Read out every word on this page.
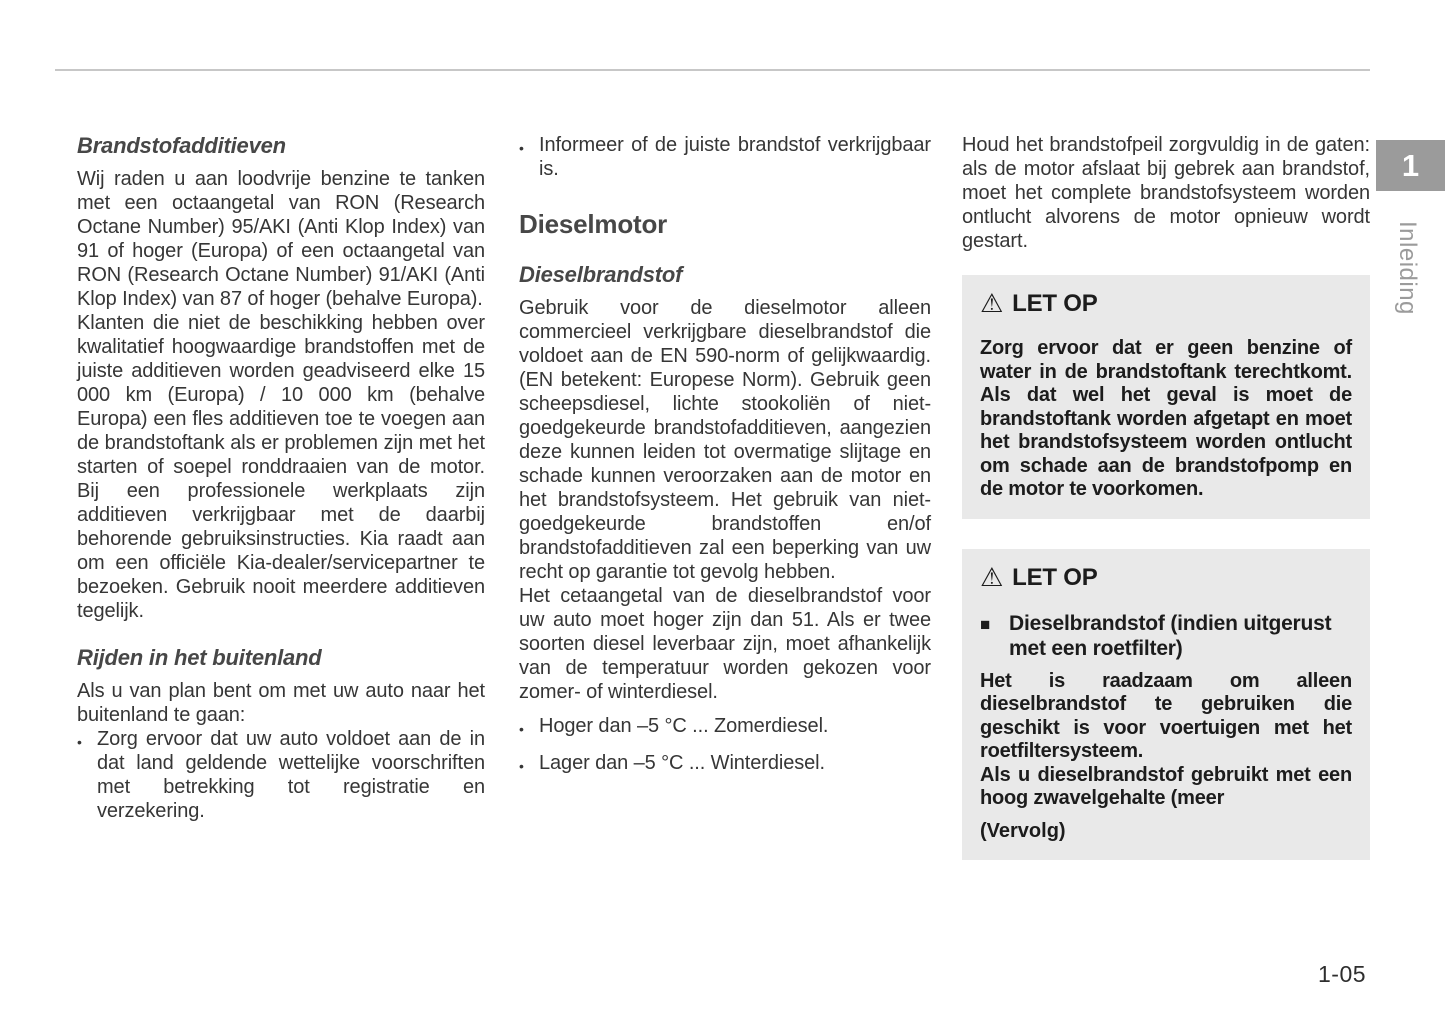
Brandstofadditieven

Wij raden u aan loodvrije benzine te tanken met een octaangetal van RON (Research Octane Number) 95/AKI (Anti Klop Index) van 91 of hoger (Europa) of een octaangetal van RON (Research Octane Number) 91/AKI (Anti Klop Index) van 87 of hoger (behalve Europa).

Klanten die niet de beschikking hebben over kwalitatief hoogwaardige brandstoffen met de juiste additieven worden geadviseerd elke 15 000 km (Europa) / 10 000 km (behalve Europa) een fles additieven toe te voegen aan de brandstoftank als er problemen zijn met het starten of soepel ronddraaien van de motor. Bij een professionele werkplaats zijn additieven verkrijgbaar met de daarbij behorende gebruiksinstructies. Kia raadt aan om een officiële Kia-dealer/servicepartner te bezoeken. Gebruik nooit meerdere additieven tegelijk.

Rijden in het buitenland

Als u van plan bent om met uw auto naar het buitenland te gaan:

• Zorg ervoor dat uw auto voldoet aan de in dat land geldende wettelijke voorschriften met betrekking tot registratie en verzekering.
• Informeer of de juiste brandstof verkrijgbaar is.
Dieselmotor
Dieselbrandstof

Gebruik voor de dieselmotor alleen commercieel verkrijgbare dieselbrandstof die voldoet aan de EN 590-norm of gelijkwaardig. (EN betekent: Europese Norm). Gebruik geen scheepsdiesel, lichte stookoliën of niet-goedgekeurde brandstofadditieven, aangezien deze kunnen leiden tot overmatige slijtage en schade kunnen veroorzaken aan de motor en het brandstofsysteem. Het gebruik van niet-goedgekeurde brandstoffen en/of brandstofadditieven zal een beperking van uw recht op garantie tot gevolg hebben.

Het cetaangetal van de dieselbrandstof voor uw auto moet hoger zijn dan 51. Als er twee soorten diesel leverbaar zijn, moet afhankelijk van de temperatuur worden gekozen voor zomer- of winterdiesel.

• Hoger dan –5 °C ... Zomerdiesel.
• Lager dan –5 °C ... Winterdiesel.

Houd het brandstofpeil zorgvuldig in de gaten: als de motor afslaat bij gebrek aan brandstof, moet het complete brandstofsysteem worden ontlucht alvorens de motor opnieuw wordt gestart.

⚠ LET OP

Zorg ervoor dat er geen benzine of water in de brandstoftank terechtkomt. Als dat wel het geval is moet de brandstoftank worden afgetapt en moet het brandstofsysteem worden ontlucht om schade aan de brandstofpomp en de motor te voorkomen.

⚠ LET OP
■ Dieselbrandstof (indien uitgerust met een roetfilter)

Het is raadzaam om alleen dieselbrandstof te gebruiken die geschikt is voor voertuigen met het roetfiltersysteem.

Als u dieselbrandstof gebruikt met een hoog zwavelgehalte (meer

(Vervolg)
1
Inleiding
1-05
